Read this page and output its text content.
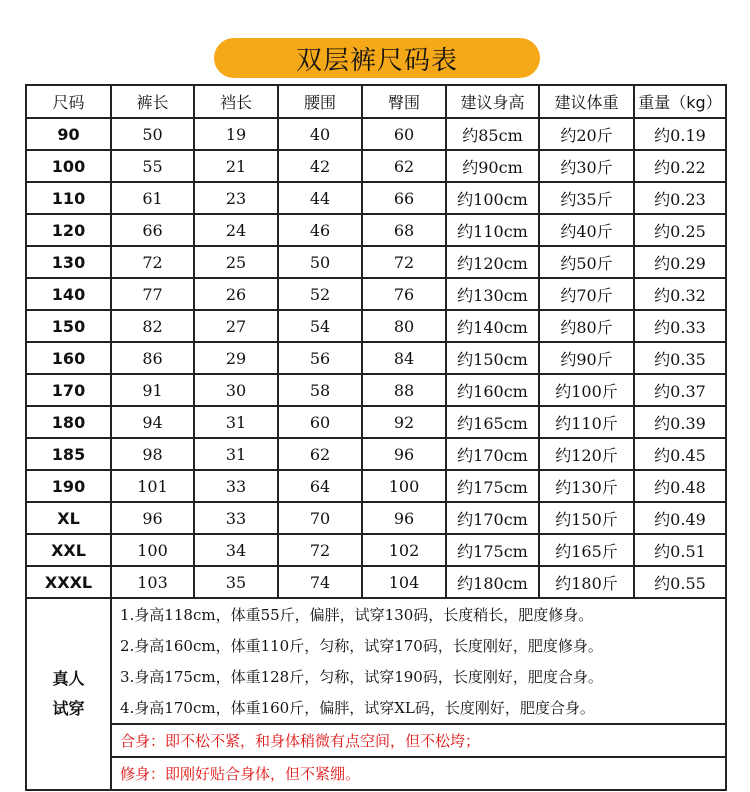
双层裤尺码表
尺码	裤长	裆长	腰围	臀围	建议身高	建议体重	重量（kg）
90	50	19	40	60	约85cm	约20斤	约0.19
100	55	21	42	62	约90cm	约30斤	约0.22
110	61	23	44	66	约100cm	约35斤	约0.23
120	66	24	46	68	约110cm	约40斤	约0.25
130	72	25	50	72	约120cm	约50斤	约0.29
140	77	26	52	76	约130cm	约70斤	约0.32
150	82	27	54	80	约140cm	约80斤	约0.33
160	86	29	56	84	约150cm	约90斤	约0.35
170	91	30	58	88	约160cm	约100斤	约0.37
180	94	31	60	92	约165cm	约110斤	约0.39
185	98	31	62	96	约170cm	约120斤	约0.45
190	101	33	64	100	约175cm	约130斤	约0.48
XL	96	33	70	96	约170cm	约150斤	约0.49
XXL	100	34	72	102	约175cm	约165斤	约0.51
XXXL	103	35	74	104	约180cm	约180斤	约0.55

真人
试穿	1.身高118cm，体重55斤，偏胖，试穿130码，长度稍长，肥度修身。						
	2.身高160cm，体重110斤，匀称，试穿170码，长度刚好，肥度修身。						
	3.身高175cm，体重128斤，匀称，试穿190码，长度刚好，肥度合身。						
	4.身高170cm，体重160斤，偏胖，试穿XL码，长度刚好，肥度合身。						
	合身：即不松不紧，和身体稍微有点空间，但不松垮；						
	修身：即刚好贴合身体，但不紧绷。						
